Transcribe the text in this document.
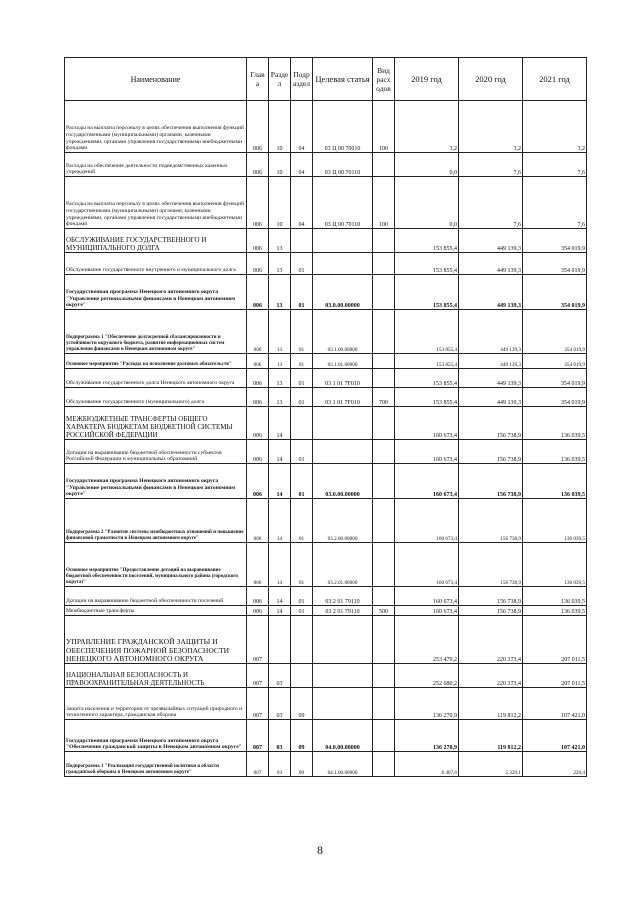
Наименование	Глав а	Разде л	Подр аздел	Целевая статья	Вид расх одов	2019 год	2020 год	2021 год
Расходы на выплаты персоналу в целях обеспечения выполнения функций государственными (муниципальными) органами, казенными учреждениями, органами управления государственными внебюджетными фондами	006	10	04	03 Ц 00 70010	100	3,2	3,2	3,2
Расходы на обеспечение деятельности подведомственных казенных учреждений	006	10	04	03 Ц 00 70110		0,0	7,6	7,6
Расходы на выплаты персоналу в целях обеспечения выполнения функций государственными (муниципальными) органами, казенными учреждениями, органами управления государственными внебюджетными фондами	006	10	04	03 Ц 00 70110	100	0,0	7,6	7,6
ОБСЛУЖИВАНИЕ ГОСУДАРСТВЕННОГО И МУНИЦИПАЛЬНОГО ДОЛГА	006	13				153 855,4	449 139,3	354 019,9
Обслуживание государственного внутреннего и муниципального долга	006	13	01			153 855,4	449 139,3	354 019,9
Государственная программа Ненецкого автономного округа "Управление региональными финансами в Ненецком автономном округе"	006	13	01	03.0.00.00000		153 855,4	449 139,3	354 019,9
Подпрограмма 1 "Обеспечение долгосрочной сбалансированности и устойчивости окружного бюджета, развитие информационных систем управления финансами в Ненецком автономном округе"	006	13	01	03.1.00.00000		153 855,4	449 139,3	354 019,9
Основное мероприятие "Расходы на исполнение долговых обязательств"	006	13	01	03.1.01.00000		153 855,4	449 139,3	354 019,9
Обслуживание государственного долга Ненецкого автономного округа	006	13	01	03 1 01 7F010		153 855,4	449 139,3	354 019,9
Обслуживание государственного (муниципального) долга	006	13	01	03 1 01 7F010	700	153 855,4	449 139,3	354 019,9
МЕЖБЮДЖЕТНЫЕ ТРАНСФЕРТЫ ОБЩЕГО ХАРАКТЕРА БЮДЖЕТАМ БЮДЖЕТНОЙ СИСТЕМЫ РОССИЙСКОЙ ФЕДЕРАЦИИ	006	14				160 673,4	156 738,9	136 039,5
Дотации на выравнивание бюджетной обеспеченности субъектов Российской Федерации и муниципальных образований	006	14	01			160 673,4	156 738,9	136 039,5
Государственная программа Ненецкого автономного округа "Управление региональными финансами в Ненецком автономном округе"	006	14	01	03.0.00.00000		160 673,4	156 738,9	136 039,5
Подпрограмма 2 "Развитие системы межбюджетных отношений и повышение финансовой грамотности в Ненецком автономном округе"	006	14	01	03.2.00.00000		160 673,4	156 738,9	136 039,5
Основное мероприятие "Предоставление дотаций на выравнивание бюджетной обеспеченности поселений, муниципального района (городского округа)"	006	14	01	03.2.01.00000		160 673,4	156 738,9	136 039,5
Дотации на выравнивание бюджетной обеспеченности поселений	006	14	01	03 2 01 79110		160 673,4	156 738,9	136 039,5
Межбюджетные трансферты	006	14	01	03 2 01 79110	500	160 673,4	156 738,9	136 039,5
УПРАВЛЕНИЕ ГРАЖДАНСКОЙ ЗАЩИТЫ И ОБЕСПЕЧЕНИЯ ПОЖАРНОЙ БЕЗОПАСНОСТИ НЕНЕЦКОГО АВТОНОМНОГО ОКРУГА	007					253 479,2	220 373,4	207 011,5
НАЦИОНАЛЬНАЯ БЕЗОПАСНОСТЬ И ПРАВООХРАНИТЕЛЬНАЯ ДЕЯТЕЛЬНОСТЬ	007	03				252 680,2	220 373,4	207 011,5
Защита населения и территории от чрезвычайных ситуаций природного и техногенного характера, гражданская оборона	007	03	09			136 270,9	119 812,2	107 421,0
Государственная программа Ненецкого автономного округа "Обеспечение гражданской защиты в Ненецком автономном округе"	007	03	09	04.0.00.00000		136 270,9	119 812,2	107 421,0
Подпрограмма 1 "Реализация государственной политики в области гражданской обороны в Ненецком автономном округе"	007	03	09	04.1.00.00000		8 407,6	5 329,1	220,4
8
